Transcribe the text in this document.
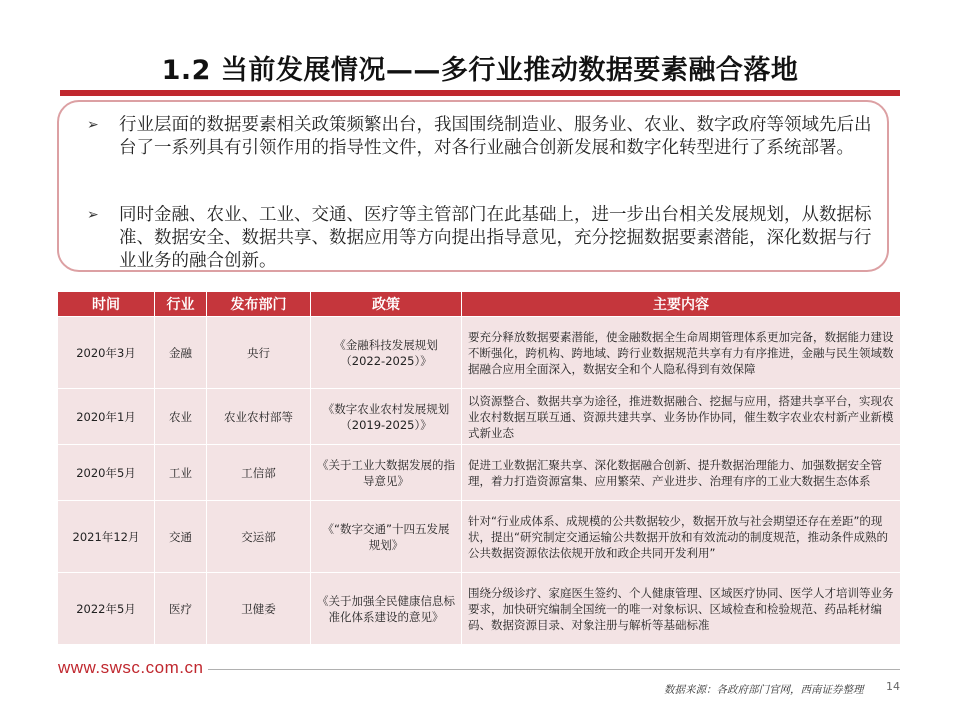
1.2 当前发展情况——多行业推动数据要素融合落地
➢	行业层面的数据要素相关政策频繁出台，我国围绕制造业、服务业、农业、数字政府等领域先后出台了一系列具有引领作用的指导性文件，对各行业融合创新发展和数字化转型进行了系统部署。
➢	同时金融、农业、工业、交通、医疗等主管部门在此基础上，进一步出台相关发展规划，从数据标准、数据安全、数据共享、数据应用等方向提出指导意见，充分挖掘数据要素潜能，深化数据与行业业务的融合创新。
时间	行业	发布部门	政策	主要内容
2020年3月	金融	央行	《金融科技发展规划（2022-2025）》	要充分释放数据要素潜能，使金融数据全生命周期管理体系更加完备，数据能力建设不断强化，跨机构、跨地域、跨行业数据规范共享有力有序推进，金融与民生领域数据融合应用全面深入，数据安全和个人隐私得到有效保障
2020年1月	农业	农业农村部等	《数字农业农村发展规划（2019-2025）》	以资源整合、数据共享为途径，推进数据融合、挖掘与应用，搭建共享平台，实现农业农村数据互联互通、资源共建共享、业务协作协同，催生数字农业农村新产业新模式新业态
2020年5月	工业	工信部	《关于工业大数据发展的指导意见》	促进工业数据汇聚共享、深化数据融合创新、提升数据治理能力、加强数据安全管理，着力打造资源富集、应用繁荣、产业进步、治理有序的工业大数据生态体系
2021年12月	交通	交运部	《“数字交通”十四五发展规划》	针对“行业成体系、成规模的公共数据较少，数据开放与社会期望还存在差距”的现状，提出“研究制定交通运输公共数据开放和有效流动的制度规范，推动条件成熟的公共数据资源依法依规开放和政企共同开发利用”
2022年5月	医疗	卫健委	《关于加强全民健康信息标准化体系建设的意见》	围绕分级诊疗、家庭医生签约、个人健康管理、区域医疗协同、医学人才培训等业务要求，加快研究编制全国统一的唯一对象标识、区域检查和检验规范、药品耗材编码、数据资源目录、对象注册与解析等基础标准
www.swsc.com.cn
数据来源：各政府部门官网，西南证券整理 14
